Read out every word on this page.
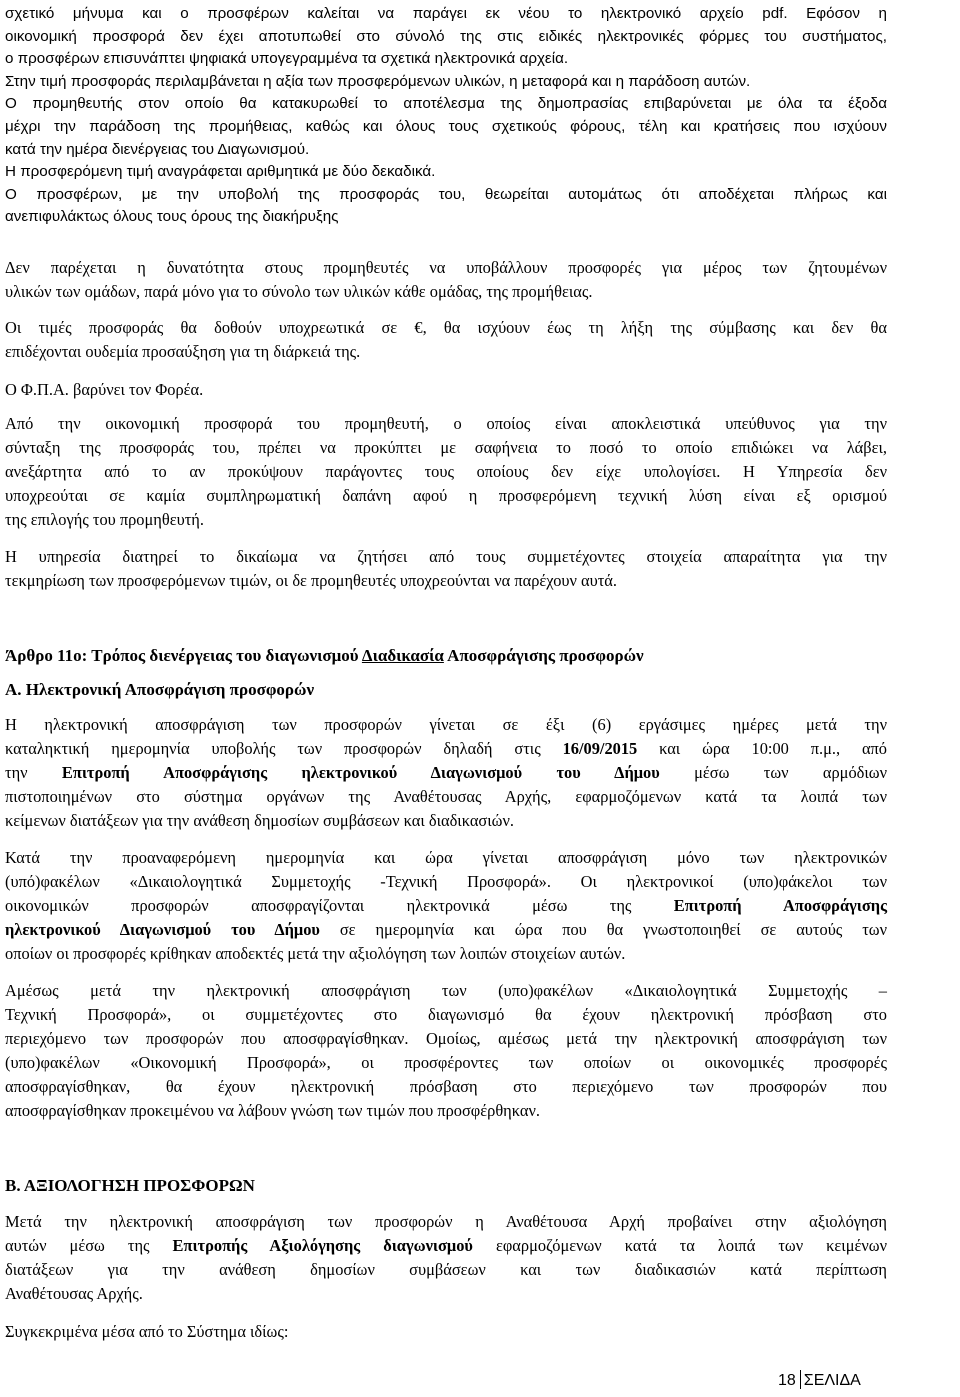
σχετικό μήνυμα και ο προσφέρων καλείται να παράγει εκ νέου το ηλεκτρονικό αρχείο pdf. Εφόσον η
οικονομική προσφορά δεν έχει αποτυπωθεί στο σύνολό της στις ειδικές ηλεκτρονικές φόρμες του συστήματος,
ο προσφέρων επισυνάπτει ψηφιακά υπογεγραμμένα τα σχετικά ηλεκτρονικά αρχεία.
Στην τιμή προσφοράς περιλαμβάνεται η αξία των προσφερόμενων υλικών, η μεταφορά και η παράδοση αυτών.
Ο προμηθευτής στον οποίο θα κατακυρωθεί το αποτέλεσμα της δημοπρασίας επιβαρύνεται με όλα τα έξοδα
μέχρι την παράδοση της προμήθειας, καθώς και όλους τους σχετικούς φόρους, τέλη και κρατήσεις που ισχύουν
κατά την ημέρα διενέργειας του Διαγωνισμού.
Η προσφερόμενη τιμή αναγράφεται αριθμητικά με δύο δεκαδικά.
Ο προσφέρων, με την υποβολή της προσφοράς του, θεωρείται αυτομάτως ότι αποδέχεται πλήρως και
ανεπιφυλάκτως όλους τους όρους της διακήρυξης
Δεν παρέχεται η δυνατότητα στους προμηθευτές να υποβάλλουν προσφορές για μέρος των ζητουμένων
υλικών των ομάδων, παρά μόνο για το σύνολο των υλικών κάθε ομάδας, της προμήθειας.
Οι τιμές προσφοράς θα δοθούν υποχρεωτικά σε €, θα ισχύουν έως τη λήξη της σύμβασης και δεν θα
επιδέχονται ουδεμία προσαύξηση για τη διάρκειά της.
Ο Φ.Π.Α. βαρύνει τον Φορέα.
Από την οικονομική προσφορά του προμηθευτή, ο οποίος είναι αποκλειστικά υπεύθυνος για την
σύνταξη της προσφοράς του, πρέπει να προκύπτει με σαφήνεια το ποσό το οποίο επιδιώκει να λάβει,
ανεξάρτητα από το αν προκύψουν παράγοντες τους οποίους δεν είχε υπολογίσει. Η Υπηρεσία δεν
υποχρεούται σε καμία συμπληρωματική δαπάνη αφού η προσφερόμενη τεχνική λύση είναι εξ ορισμού
της επιλογής του προμηθευτή.
Η υπηρεσία διατηρεί το δικαίωμα να ζητήσει από τους συμμετέχοντες στοιχεία απαραίτητα για την
τεκμηρίωση των προσφερόμενων τιμών, οι δε προμηθευτές υποχρεούνται να παρέχουν αυτά.
Άρθρο 11ο: Τρόπος διενέργειας του διαγωνισμού Διαδικασία Αποσφράγισης προσφορών
Α. Ηλεκτρονική Αποσφράγιση προσφορών
Η ηλεκτρονική αποσφράγιση των προσφορών γίνεται σε έξι (6) εργάσιμες ημέρες μετά την
καταληκτική ημερομηνία υποβολής των προσφορών δηλαδή στις 16/09/2015 και ώρα 10:00 π.μ., από
την Επιτροπή Αποσφράγισης ηλεκτρονικού Διαγωνισμού του Δήμου μέσω των αρμόδιων
πιστοποιημένων στο σύστημα οργάνων της Αναθέτουσας Αρχής, εφαρμοζόμενων κατά τα λοιπά των
κείμενων διατάξεων για την ανάθεση δημοσίων συμβάσεων και διαδικασιών.
Κατά την προαναφερόμενη ημερομηνία και ώρα γίνεται αποσφράγιση μόνο των ηλεκτρονικών
(υπό)φακέλων «Δικαιολογητικά Συμμετοχής -Τεχνική Προσφορά». Οι ηλεκτρονικοί (υπο)φάκελοι των
οικονομικών προσφορών αποσφραγίζονται ηλεκτρονικά μέσω της Επιτροπή Αποσφράγισης
ηλεκτρονικού Διαγωνισμού του Δήμου σε ημερομηνία και ώρα που θα γνωστοποιηθεί σε αυτούς των
οποίων οι προσφορές κρίθηκαν αποδεκτές μετά την αξιολόγηση των λοιπών στοιχείων αυτών.
Αμέσως μετά την ηλεκτρονική αποσφράγιση των (υπο)φακέλων «Δικαιολογητικά Συμμετοχής –
Τεχνική Προσφορά», οι συμμετέχοντες στο διαγωνισμό θα έχουν ηλεκτρονική πρόσβαση στο
περιεχόμενο των προσφορών που αποσφραγίσθηκαν. Ομοίως, αμέσως μετά την ηλεκτρονική αποσφράγιση των
(υπο)φακέλων «Οικονομική Προσφορά», οι προσφέροντες των οποίων οι οικονομικές προσφορές
αποσφραγίσθηκαν, θα έχουν ηλεκτρονική πρόσβαση στο περιεχόμενο των προσφορών που
αποσφραγίσθηκαν προκειμένου να λάβουν γνώση των τιμών που προσφέρθηκαν.
Β. ΑΞΙΟΛΟΓΗΣΗ ΠΡΟΣΦΟΡΩΝ
Μετά την ηλεκτρονική αποσφράγιση των προσφορών η Αναθέτουσα Αρχή προβαίνει στην αξιολόγηση
αυτών μέσω της Επιτροπής Αξιολόγησης διαγωνισμού εφαρμοζόμενων κατά τα λοιπά των κειμένων
διατάξεων για την ανάθεση δημοσίων συμβάσεων και των διαδικασιών κατά περίπτωση
Αναθέτουσας Αρχής.
Συγκεκριμένα μέσα από το Σύστημα ιδίως:
18 ΣΕΛΙΔΑ
